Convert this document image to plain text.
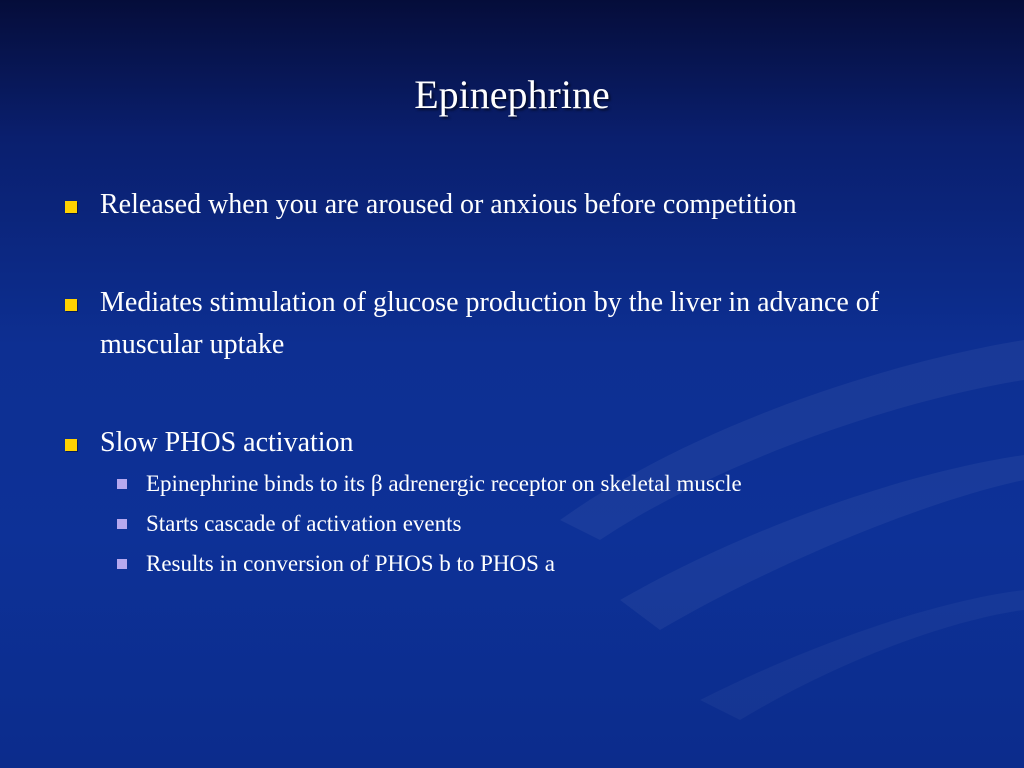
Epinephrine
Released when you are aroused or anxious before competition
Mediates stimulation of glucose production by the liver in advance of muscular uptake
Slow PHOS activation
Epinephrine binds to its β adrenergic receptor on skeletal muscle
Starts cascade of activation events
Results in conversion of PHOS b to PHOS a
